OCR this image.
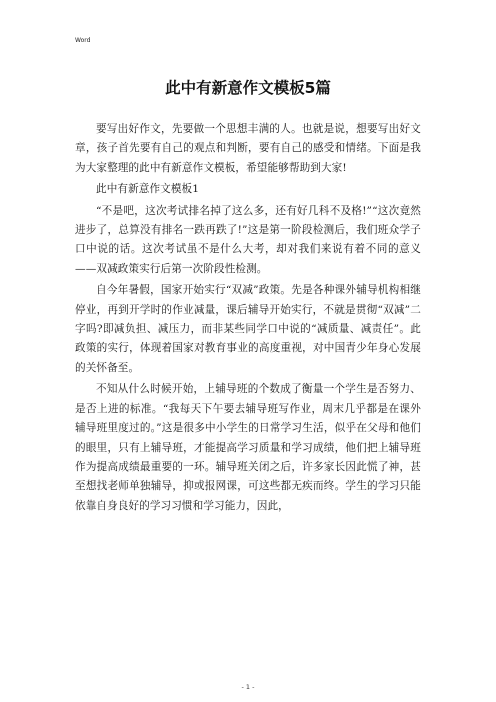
Word
此中有新意作文模板5篇

要写出好作文，先要做一个思想丰满的人。也就是说，想要写出好文章，孩子首先要有自己的观点和判断，要有自己的感受和情绪。下面是我为大家整理的此中有新意作文模板，希望能够帮助到大家!

此中有新意作文模板1

“不是吧，这次考试排名掉了这么多，还有好几科不及格!”“这次竟然进步了，总算没有排名一跌再跌了!”这是第一阶段检测后，我们班众学子口中说的话。这次考试虽不是什么大考，却对我们来说有着不同的意义——双减政策实行后第一次阶段性检测。

自今年暑假，国家开始实行“双减”政策。先是各种课外辅导机构相继停业，再到开学时的作业减量，课后辅导开始实行，不就是贯彻“双减”二字吗?即减负担、减压力，而非某些同学口中说的“减质量、减责任”。此政策的实行，体现着国家对教育事业的高度重视，对中国青少年身心发展的关怀备至。

不知从什么时候开始，上辅导班的个数成了衡量一个学生是否努力、是否上进的标准。“我每天下午要去辅导班写作业，周末几乎都是在课外辅导班里度过的。”这是很多中小学生的日常学习生活，似乎在父母和他们的眼里，只有上辅导班，才能提高学习质量和学习成绩，他们把上辅导班作为提高成绩最重要的一环。辅导班关闭之后，许多家长因此慌了神，甚至想找老师单独辅导，抑或报网课，可这些都无疾而终。学生的学习只能依靠自身良好的学习习惯和学习能力，因此，

- 1 -
